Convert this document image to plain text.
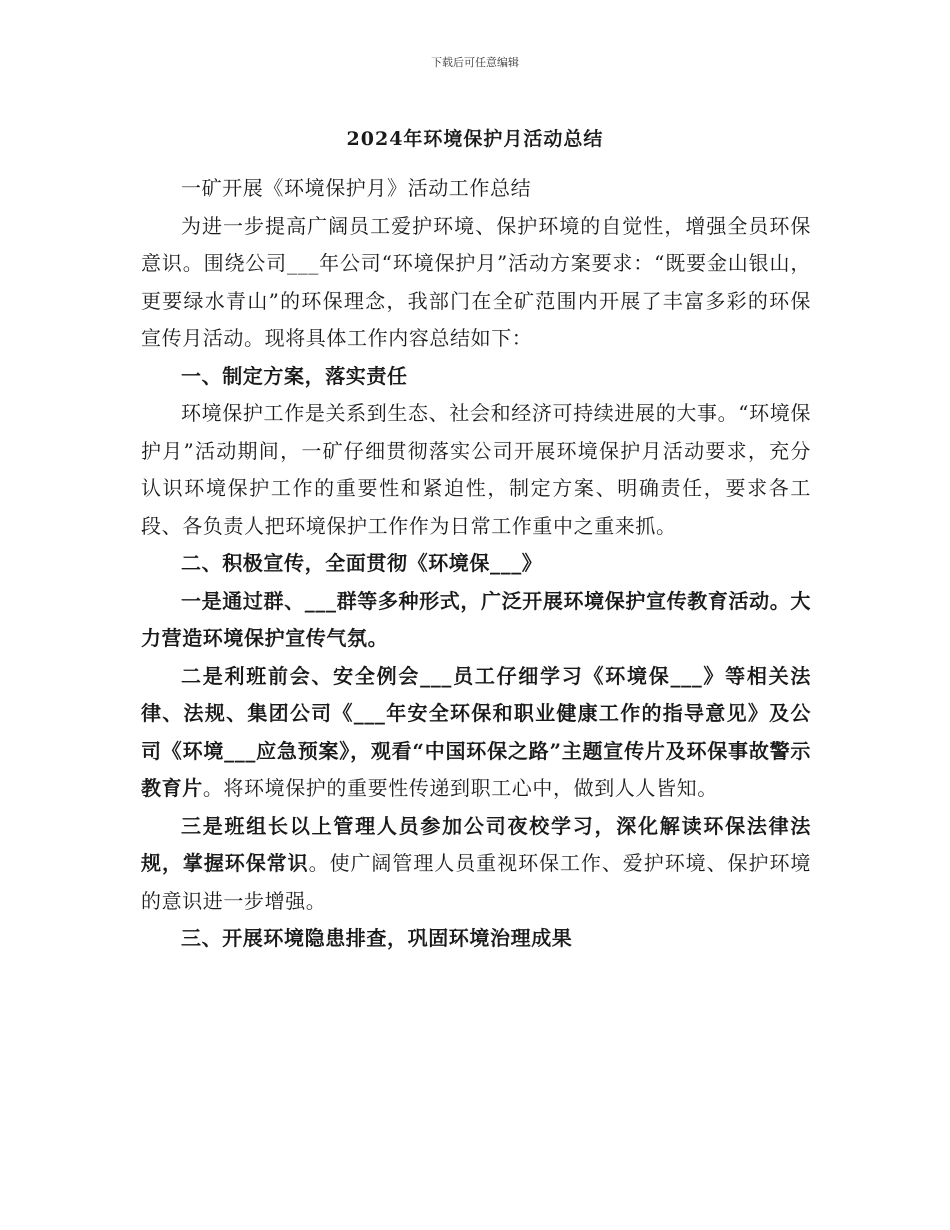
下载后可任意编辑
2024年环境保护月活动总结

一矿开展《环境保护月》活动工作总结

为进一步提高广阔员工爱护环境、保护环境的自觉性，增强全员环保意识。围绕公司___年公司“环境保护月”活动方案要求：“既要金山银山，更要绿水青山”的环保理念，我部门在全矿范围内开展了丰富多彩的环保宣传月活动。现将具体工作内容总结如下：

一、制定方案，落实责任

环境保护工作是关系到生态、社会和经济可持续进展的大事。“环境保护月”活动期间，一矿仔细贯彻落实公司开展环境保护月活动要求，充分认识环境保护工作的重要性和紧迫性，制定方案、明确责任，要求各工段、各负责人把环境保护工作作为日常工作重中之重来抓。

二、积极宣传，全面贯彻《环境保___》

一是通过群、___群等多种形式，广泛开展环境保护宣传教育活动。大力营造环境保护宣传气氛。

二是利班前会、安全例会___员工仔细学习《环境保___》等相关法律、法规、集团公司《___年安全环保和职业健康工作的指导意见》及公司《环境___应急预案》，观看“中国环保之路”主题宣传片及环保事故警示教育片。将环境保护的重要性传递到职工心中，做到人人皆知。

三是班组长以上管理人员参加公司夜校学习，深化解读环保法律法规，掌握环保常识。使广阔管理人员重视环保工作、爱护环境、保护环境的意识进一步增强。

三、开展环境隐患排查，巩固环境治理成果
